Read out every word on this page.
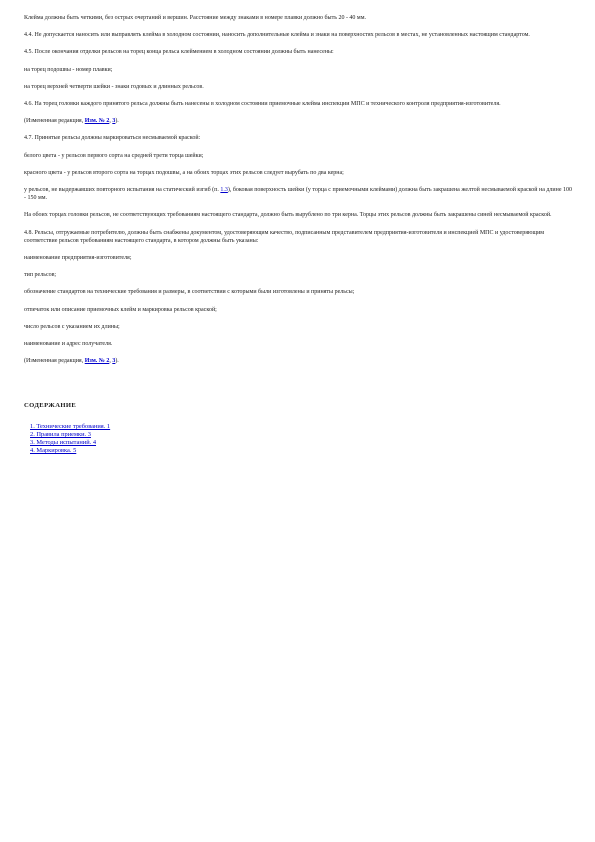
Клейма должны быть четкими, без острых очертаний и вершин. Расстояние между знаками в номере плавки должно быть 20 - 40 мм.

4.4. Не допускается наносить или выправлять клейма в холодном состоянии, наносить дополнительные клейма и знаки на поверхностях рельсов в местах, не установленных настоящим стандартом.

4.5. После окончания отделки рельсов на торец конца рельса клеймением в холодном состоянии должны быть нанесены:

на торец подошвы - номер плавки;

на торец верхней четверти шейки - знаки годовых и длинных рельсов.

4.6. На торец головки каждого принятого рельса должны быть нанесены в холодном состоянии приемочные клейма инспекции МПС и технического контроля предприятия-изготовителя.

(Измененная редакция, Изм. № 2, 3).

4.7. Принятые рельсы должны маркироваться несмываемой краской:

белого цвета - у рельсов первого сорта на средней трети торца шейки;

красного цвета - у рельсов второго сорта на торцах подошвы, а на обоих торцах этих рельсов следует вырубать по два керна;

у рельсов, не выдержавших повторного испытания на статический изгиб (п. 1.3), боковая поверхность шейки (у торца с приемочными клеймами) должна быть закрашена желтой несмываемой краской на длине 100 - 150 мм.

На обоих торцах головки рельсов, не соответствующих требованиям настоящего стандарта, должно быть вырублено по три керна. Торцы этих рельсов должны быть закрашены синей несмываемой краской.

4.8. Рельсы, отгружаемые потребителю, должны быть снабжены документом, удостоверяющим качество, подписанным представителем предприятия-изготовителя и инспекцией МПС и удостоверяющим соответствие рельсов требованиям настоящего стандарта, в котором должны быть указаны:

наименование предприятия-изготовителя;

тип рельсов;

обозначение стандартов на технические требования и размеры, в соответствии с которыми были изготовлены и приняты рельсы;

отпечаток или описание приемочных клейм и маркировка рельсов краской;

число рельсов с указанием их длины;

наименование и адрес получателя.

(Измененная редакция, Изм. № 2, 3).

СОДЕРЖАНИЕ
1. Технические требования. 1
2. Правила приемки. 3
3. Методы испытаний. 4
4. Маркировка. 5
